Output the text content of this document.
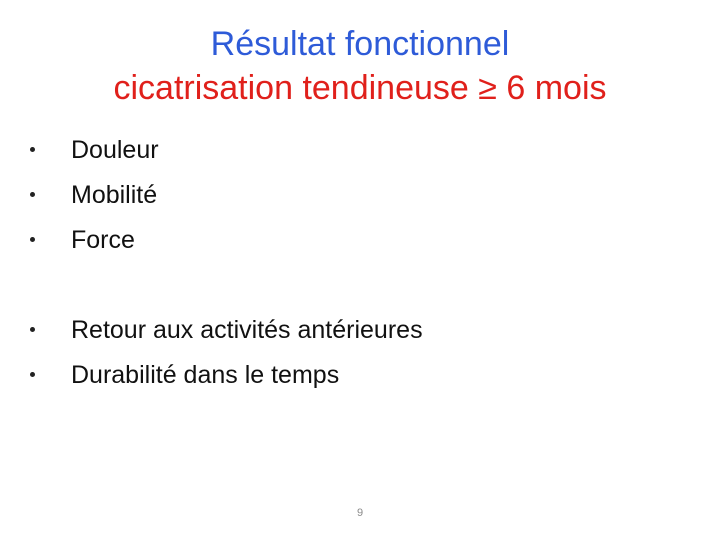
Résultat fonctionnel
cicatrisation tendineuse ≥ 6 mois
Douleur
Mobilité
Force
Retour aux activités antérieures
Durabilité dans le temps
9
